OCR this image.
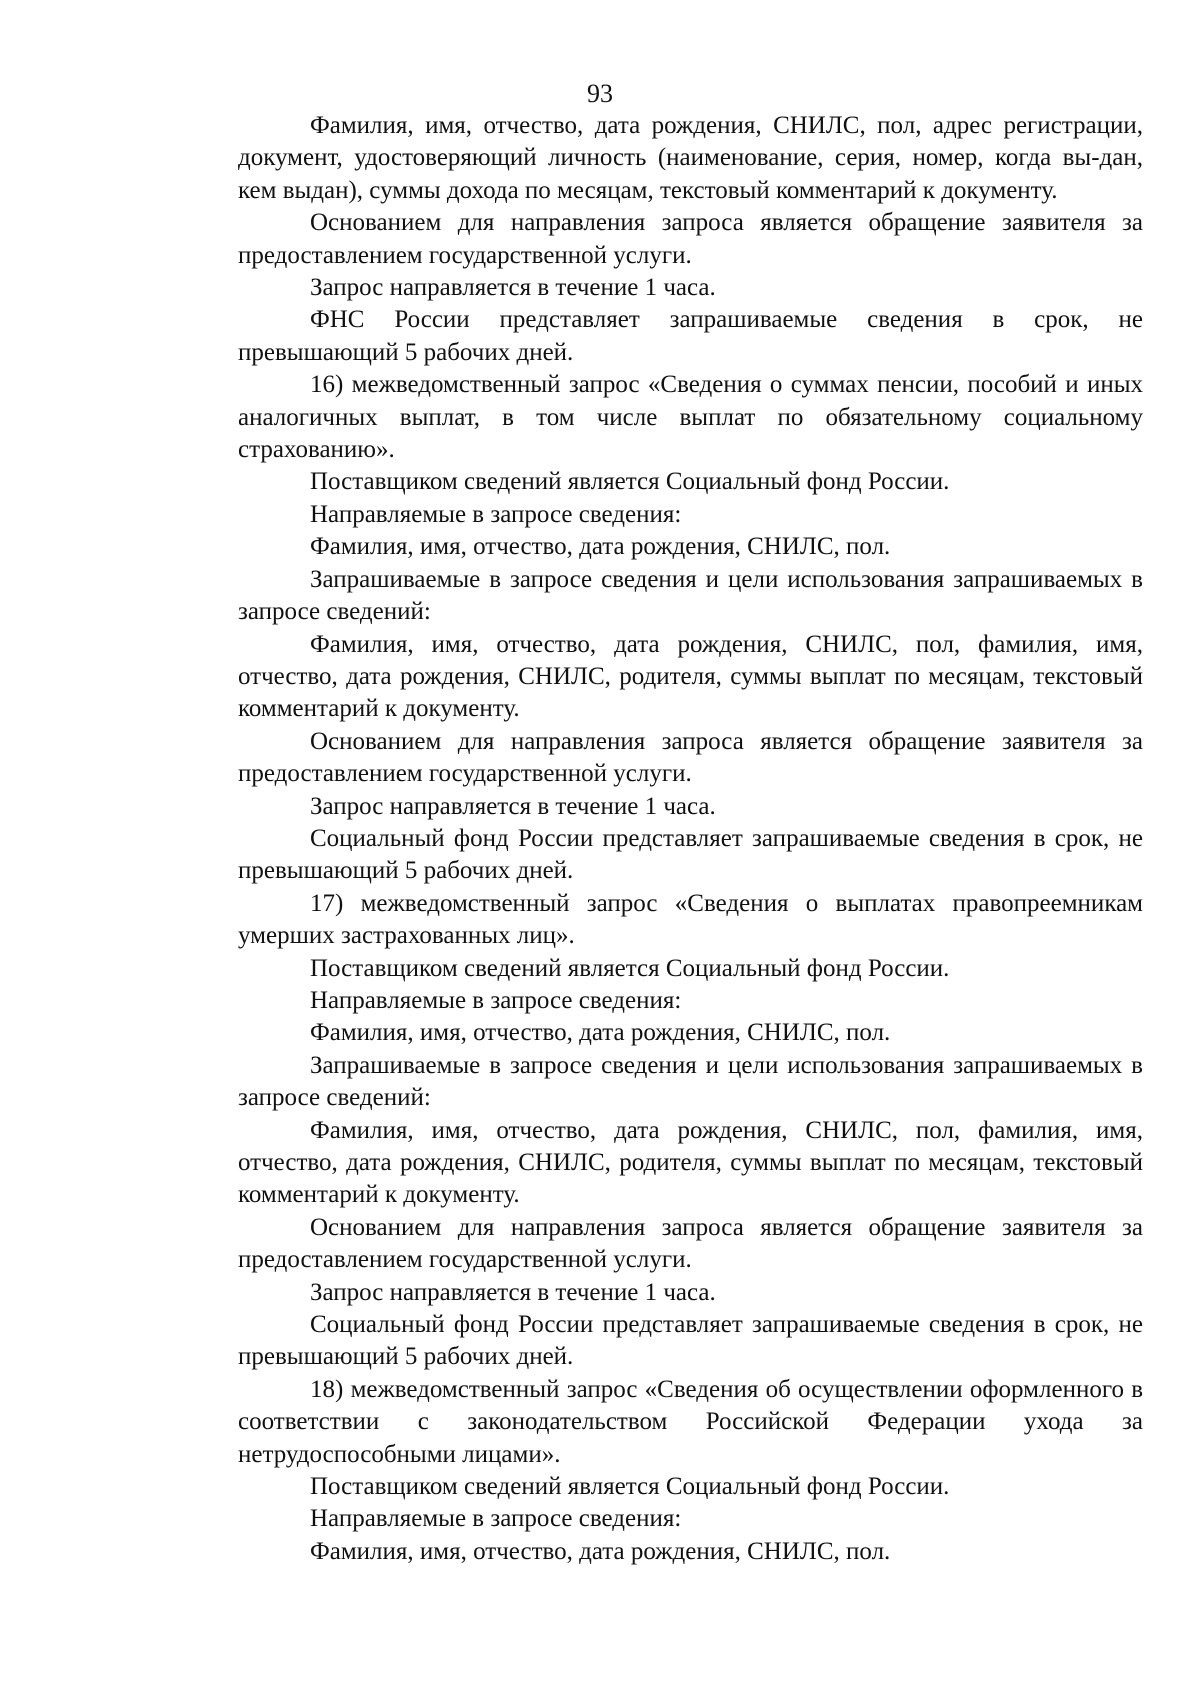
93

Фамилия, имя, отчество, дата рождения, СНИЛС, пол, адрес регистрации, документ, удостоверяющий личность (наименование, серия, номер, когда вы-дан, кем выдан), суммы дохода по месяцам, текстовый комментарий к документу.

Основанием для направления запроса является обращение заявителя за предоставлением государственной услуги.

Запрос направляется в течение 1 часа.

ФНС России представляет запрашиваемые сведения в срок, не превышающий 5 рабочих дней.

16) межведомственный запрос «Сведения о суммах пенсии, пособий и иных аналогичных выплат, в том числе выплат по обязательному социальному страхованию».

Поставщиком сведений является Социальный фонд России.

Направляемые в запросе сведения:

Фамилия, имя, отчество, дата рождения, СНИЛС, пол.

Запрашиваемые в запросе сведения и цели использования запрашиваемых в запросе сведений:

Фамилия, имя, отчество, дата рождения, СНИЛС, пол, фамилия, имя, отчество, дата рождения, СНИЛС, родителя, суммы выплат по месяцам, текстовый комментарий к документу.

Основанием для направления запроса является обращение заявителя за предоставлением государственной услуги.

Запрос направляется в течение 1 часа.

Социальный фонд России представляет запрашиваемые сведения в срок, не превышающий 5 рабочих дней.

17) межведомственный запрос «Сведения о выплатах правопреемникам умерших застрахованных лиц».

Поставщиком сведений является Социальный фонд России.

Направляемые в запросе сведения:

Фамилия, имя, отчество, дата рождения, СНИЛС, пол.

Запрашиваемые в запросе сведения и цели использования запрашиваемых в запросе сведений:

Фамилия, имя, отчество, дата рождения, СНИЛС, пол, фамилия, имя, отчество, дата рождения, СНИЛС, родителя, суммы выплат по месяцам, текстовый комментарий к документу.

Основанием для направления запроса является обращение заявителя за предоставлением государственной услуги.

Запрос направляется в течение 1 часа.

Социальный фонд России представляет запрашиваемые сведения в срок, не превышающий 5 рабочих дней.

18) межведомственный запрос «Сведения об осуществлении оформленного в соответствии с законодательством Российской Федерации ухода за нетрудоспособными лицами».

Поставщиком сведений является Социальный фонд России.

Направляемые в запросе сведения:

Фамилия, имя, отчество, дата рождения, СНИЛС, пол.
